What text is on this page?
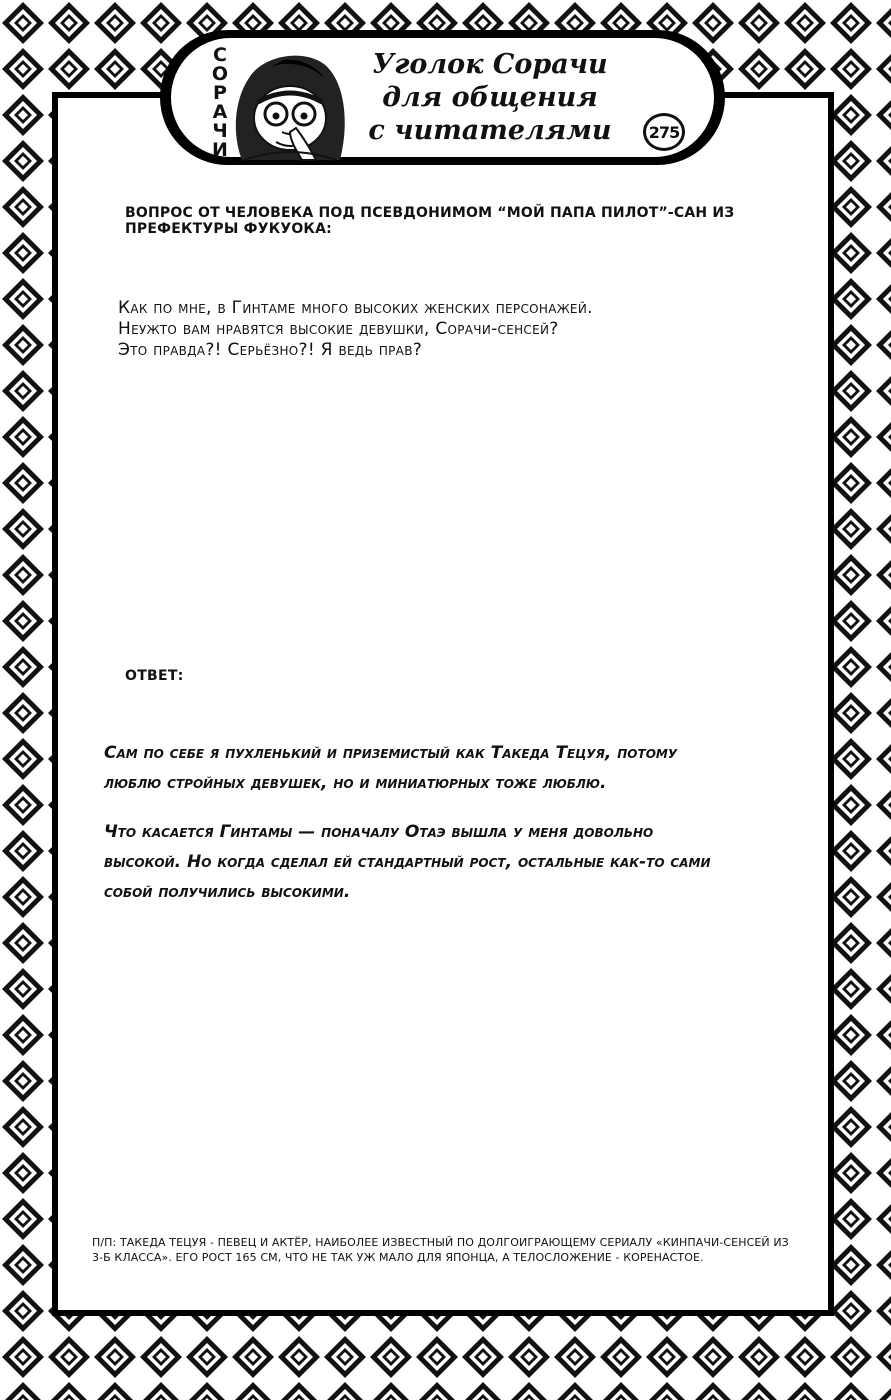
С
О
Р
А
Ч
И
Уголок Сорачи
для общения
с читателями	275
ВОПРОС ОТ ЧЕЛОВЕКА ПОД ПСЕВДОНИМОМ “МОЙ ПАПА ПИЛОТ”-САН ИЗ
ПРЕФЕКТУРЫ ФУКУОКА:
Как по мне, в Гинтаме много высоких женских персонажей.
Неужто вам нравятся высокие девушки, Сорачи-сенсей?
Это правда?! Серьёзно?! Я ведь прав?
ОТВЕТ:
Сам по себе я пухленький и приземистый как Такеда Тецуя, потому
люблю стройных девушек, но и миниатюрных тоже люблю.
Что касается Гинтамы — поначалу Отаэ вышла у меня довольно
высокой. Но когда сделал ей стандартный рост, остальные как-то сами
собой получились высокими.
П/П: ТАКЕДА ТЕЦУЯ - ПЕВЕЦ И АКТЁР, НАИБОЛЕЕ ИЗВЕСТНЫЙ ПО ДОЛГОИГРАЮЩЕМУ СЕРИАЛУ «КИНПАЧИ-СЕНСЕЙ ИЗ
3-Б КЛАССА». ЕГО РОСТ 165 СМ, ЧТО НЕ ТАК УЖ МАЛО ДЛЯ ЯПОНЦА, А ТЕЛОСЛОЖЕНИЕ - КОРЕНАСТОЕ.
